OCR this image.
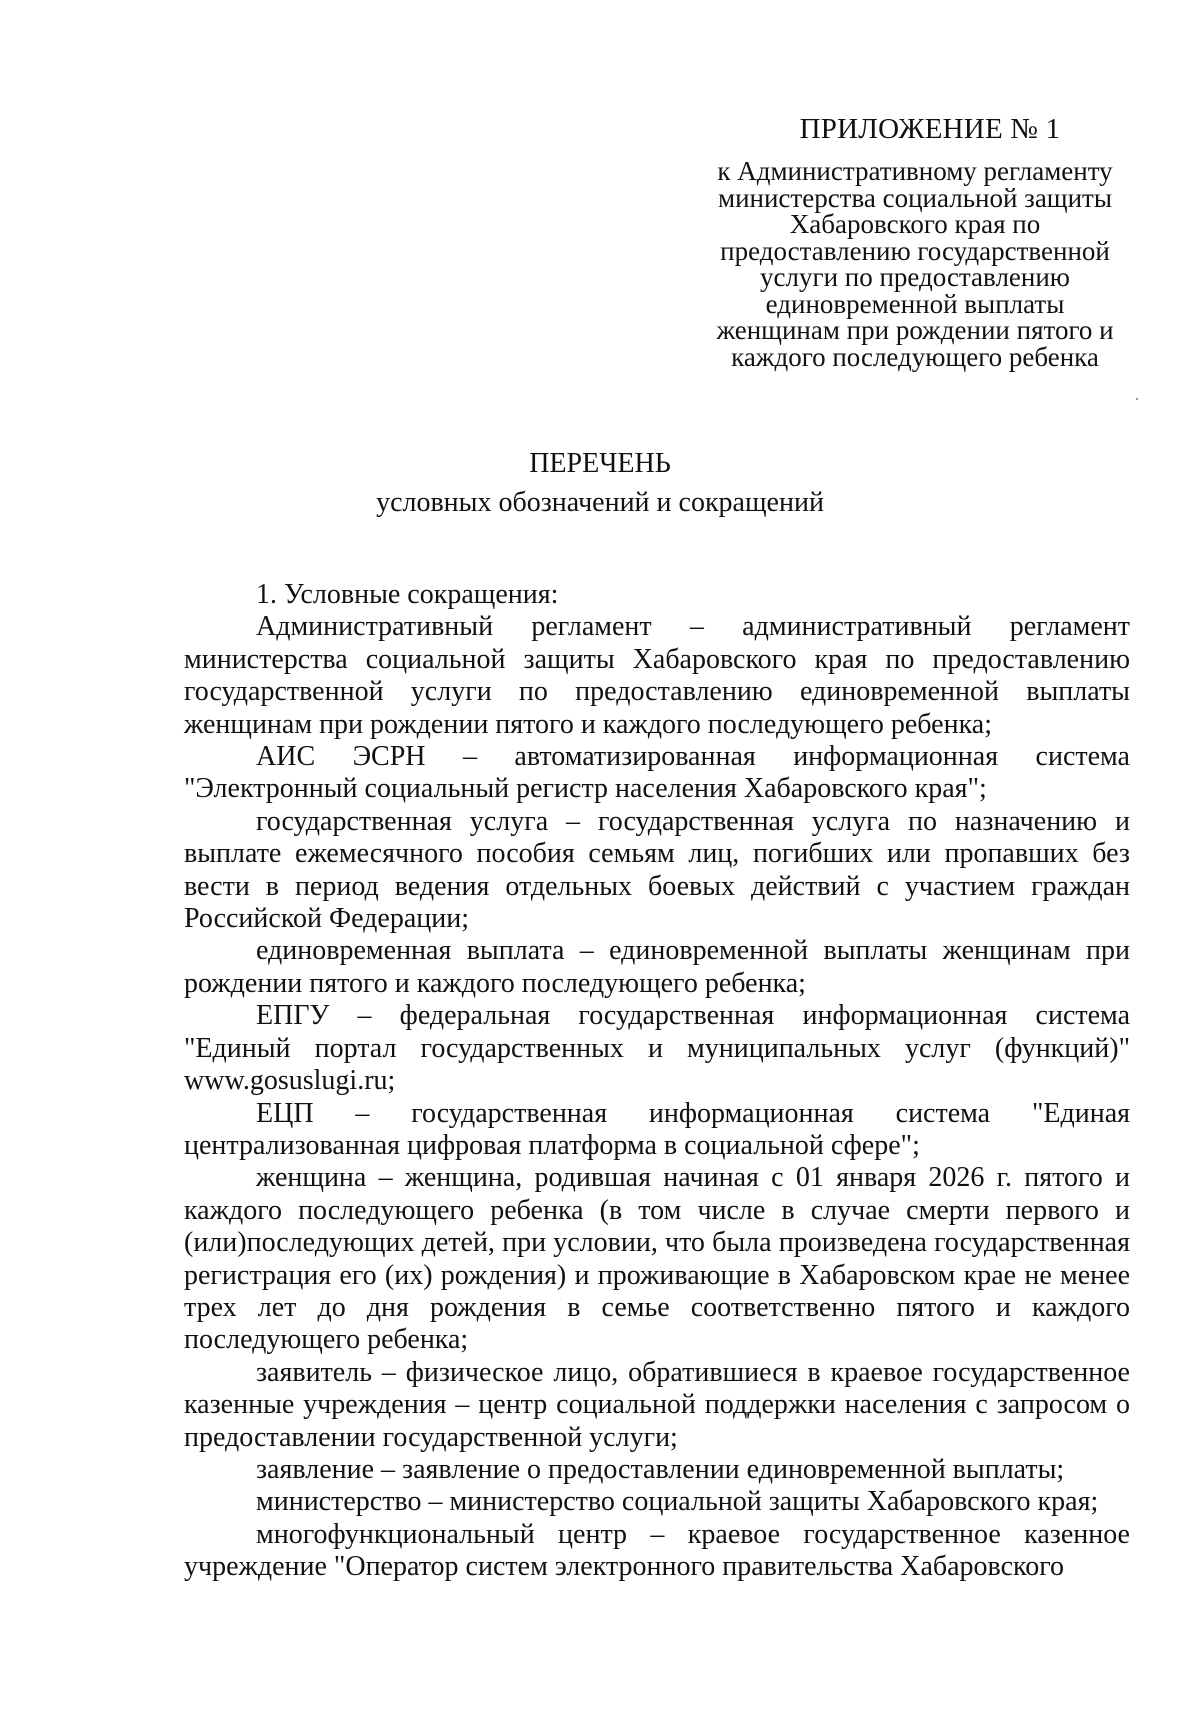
ПРИЛОЖЕНИЕ № 1
к Административному регламенту
министерства социальной защиты
Хабаровского края по
предоставлению государственной
услуги по предоставлению
единовременной выплаты
женщинам при рождении пятого и
каждого последующего ребенка
ПЕРЕЧЕНЬ
условных обозначений и сокращений

1. Условные сокращения:

Административный регламент – административный регламент министерства социальной защиты Хабаровского края по предоставлению государственной услуги по предоставлению единовременной выплаты женщинам при рождении пятого и каждого последующего ребенка;

АИС ЭСРН – автоматизированная информационная система "Электронный социальный регистр населения Хабаровского края";

государственная услуга – государственная услуга по назначению и выплате ежемесячного пособия семьям лиц, погибших или пропавших без вести в период ведения отдельных боевых действий с участием граждан Российской Федерации;

единовременная выплата – единовременной выплаты женщинам при рождении пятого и каждого последующего ребенка;

ЕПГУ – федеральная государственная информационная система "Единый портал государственных и муниципальных услуг (функций)" www.gosuslugi.ru;

ЕЦП – государственная информационная система "Единая централизованная цифровая платформа в социальной сфере";

женщина – женщина, родившая начиная с 01 января 2026 г. пятого и каждого последующего ребенка (в том числе в случае смерти первого и (или)последующих детей, при условии, что была произведена государственная регистрация его (их) рождения) и проживающие в Хабаровском крае не менее трех лет до дня рождения в семье соответственно пятого и каждого последующего ребенка;

заявитель – физическое лицо, обратившиеся в краевое государственное казенные учреждения – центр социальной поддержки населения с запросом о предоставлении государственной услуги;

заявление – заявление о предоставлении единовременной выплаты;

министерство – министерство социальной защиты Хабаровского края;

многофункциональный центр – краевое государственное казенное учреждение "Оператор систем электронного правительства Хабаровского
